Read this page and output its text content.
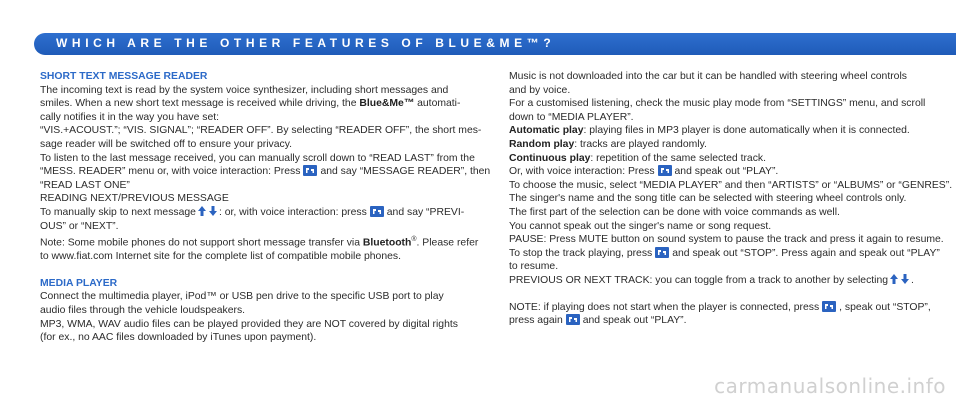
WHICH ARE THE OTHER FEATURES OF BLUE&ME™?
SHORT TEXT MESSAGE READER
The incoming text is read by the system voice synthesizer, including short messages and
smiles. When a new short text message is received while driving, the Blue&Me™ automati-
cally notifies it in the way you have set:
“VIS.+ACOUST.”; “VIS. SIGNAL”; “READER OFF”. By selecting “READER OFF”, the short mes-
sage reader will be switched off to ensure your privacy.
To listen to the last message received, you can manually scroll down to “READ LAST” from the
“MESS. READER” menu or, with voice interaction: Press and say “MESSAGE READER”, then
“READ LAST ONE”
READING NEXT/PREVIOUS MESSAGE
To manually skip to next message : or, with voice interaction: press and say “PREVI-
OUS” or “NEXT”.
Note: Some mobile phones do not support short message transfer via Bluetooth®. Please refer
to www.fiat.com Internet site for the complete list of compatible mobile phones.
MEDIA PLAYER
Connect the multimedia player, iPod™ or USB pen drive to the specific USB port to play
audio files through the vehicle loudspeakers.
MP3, WMA, WAV audio files can be played provided they are NOT covered by digital rights
(for ex., no AAC files downloaded by iTunes upon payment).
Music is not downloaded into the car but it can be handled with steering wheel controls
and by voice.
For a customised listening, check the music play mode from “SETTINGS” menu, and scroll
down to “MEDIA PLAYER”.
Automatic play: playing files in MP3 player is done automatically when it is connected.
Random play: tracks are played randomly.
Continuous play: repetition of the same selected track.
Or, with voice interaction: Press and speak out “PLAY”.
To choose the music, select “MEDIA PLAYER” and then “ARTISTS” or “ALBUMS” or “GENRES”.
The singer's name and the song title can be selected with steering wheel controls only.
The first part of the selection can be done with voice commands as well.
You cannot speak out the singer's name or song request.
PAUSE: Press MUTE button on sound system to pause the track and press it again to resume.
To stop the track playing, press and speak out “STOP”. Press again and speak out “PLAY”
to resume.
PREVIOUS OR NEXT TRACK: you can toggle from a track to another by selecting .
NOTE: if playing does not start when the player is connected, press , speak out “STOP”,
press again and speak out “PLAY”.
carmanualsonline.info
